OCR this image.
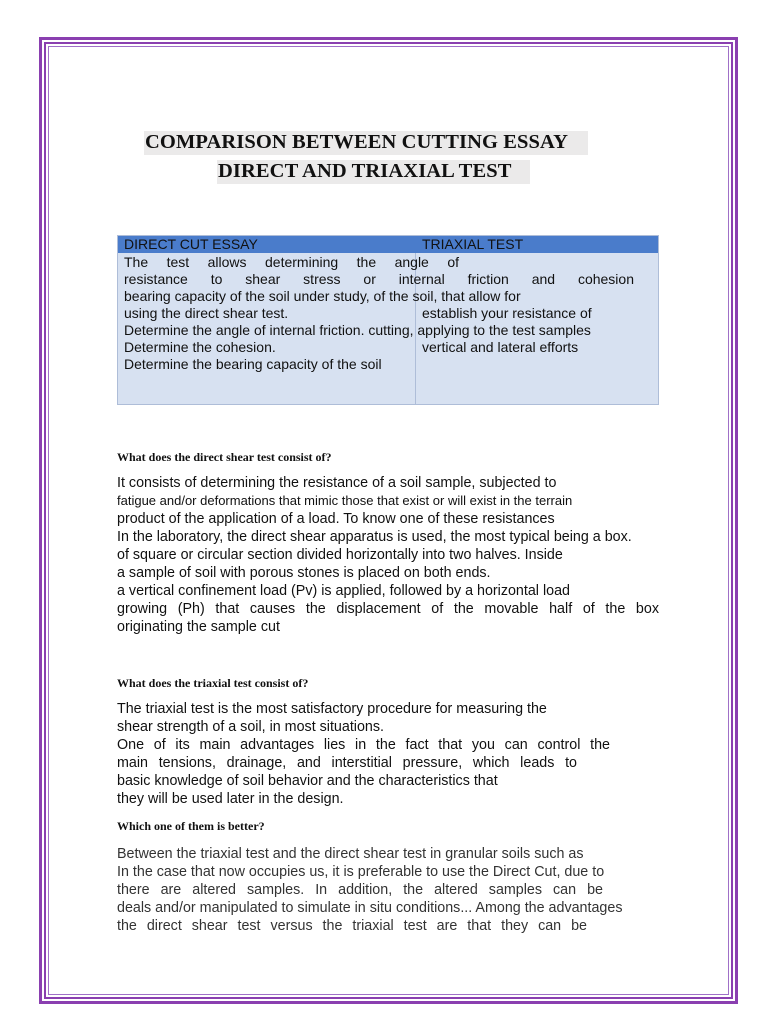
COMPARISON BETWEEN CUTTING ESSAY
DIRECT AND TRIAXIAL TEST
DIRECT CUT ESSAY	TRIAXIAL TEST
The test allows determining the angle of
resistance to shear stress or internal friction and cohesion
bearing capacity of the soil under study, of the soil, that allow for
using the direct shear test.
Determine the angle of internal friction. cutting, applying to the test samples
Determine the cohesion.
Determine the bearing capacity of the soil
establish your resistance of
vertical and lateral efforts
What does the direct shear test consist of?
It consists of determining the resistance of a soil sample, subjected to
fatigue and/or deformations that mimic those that exist or will exist in the terrain
product of the application of a load. To know one of these resistances
In the laboratory, the direct shear apparatus is used, the most typical being a box.
of square or circular section divided horizontally into two halves. Inside
a sample of soil with porous stones is placed on both ends.
a vertical confinement load (Pv) is applied, followed by a horizontal load
growing (Ph) that causes the displacement of the movable half of the box
originating the sample cut
What does the triaxial test consist of?
The triaxial test is the most satisfactory procedure for measuring the
shear strength of a soil, in most situations.
One of its main advantages lies in the fact that you can control the
main tensions, drainage, and interstitial pressure, which leads to
basic knowledge of soil behavior and the characteristics that
they will be used later in the design.
Which one of them is better?
Between the triaxial test and the direct shear test in granular soils such as
In the case that now occupies us, it is preferable to use the Direct Cut, due to
there are altered samples. In addition, the altered samples can be
deals and/or manipulated to simulate in situ conditions... Among the advantages
the direct shear test versus the triaxial test are that they can be
